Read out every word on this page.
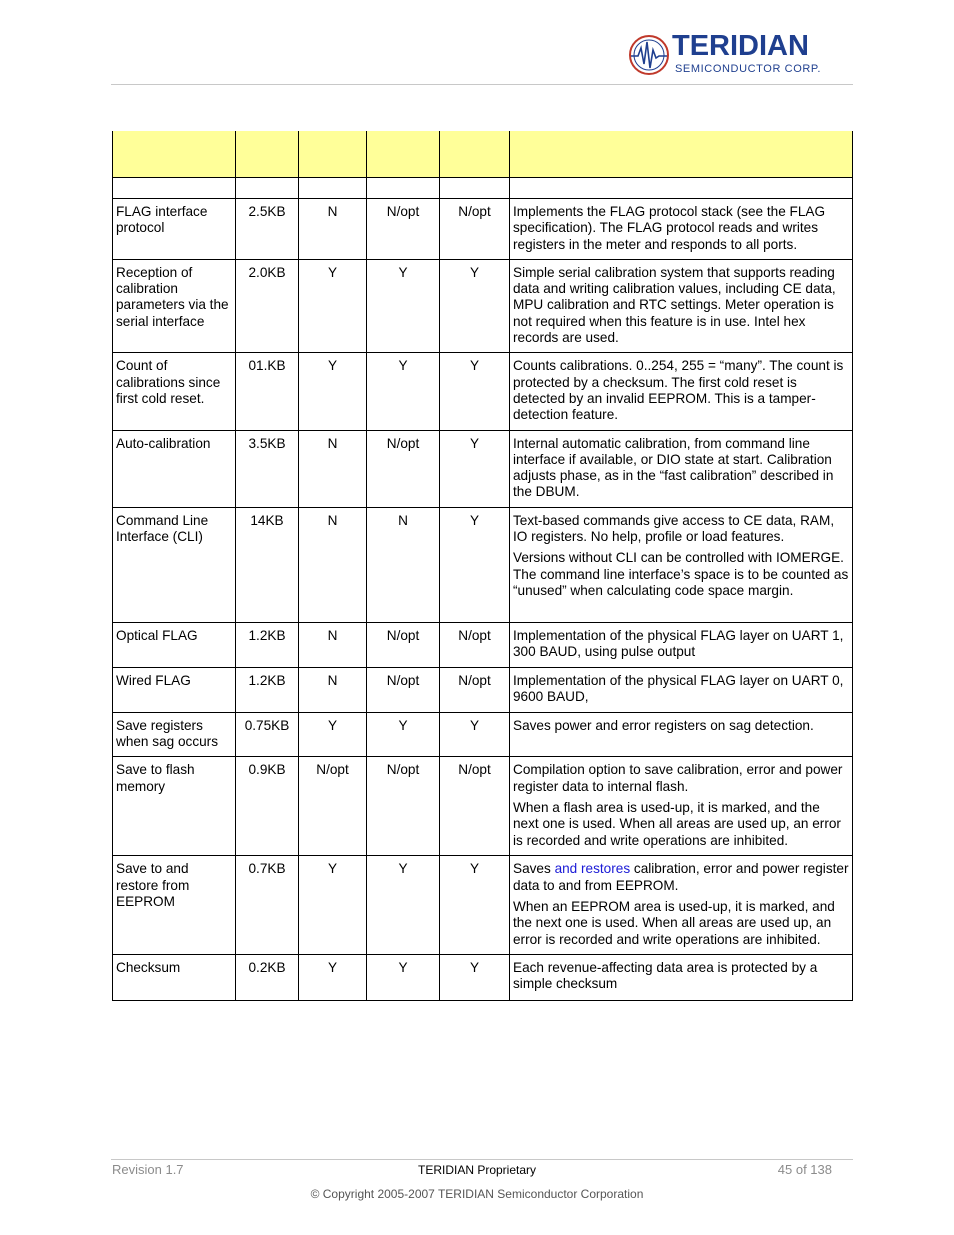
TERIDIAN
SEMICONDUCTOR CORP.

FLAG interface protocol	2.5KB	N	N/opt	N/opt	Implements the FLAG protocol stack (see the FLAG specification). The FLAG protocol reads and writes registers in the meter and responds to all ports.

Reception of calibration parameters via the serial interface	2.0KB	Y	Y	Y	Simple serial calibration system that supports reading data and writing calibration values, including CE data, MPU calibration and RTC settings. Meter operation is not required when this feature is in use. Intel hex records are used.

Count of calibrations since first cold reset.	01.KB	Y	Y	Y	Counts calibrations. 0..254, 255 = “many”. The count is protected by a checksum. The first cold reset is detected by an invalid EEPROM. This is a tamper-detection feature.

Auto-calibration	3.5KB	N	N/opt	Y	Internal automatic calibration, from command line interface if available, or DIO state at start. Calibration adjusts phase, as in the “fast calibration” described in the DBUM.

Command Line Interface (CLI)	14KB	N	N	Y	Text-based commands give access to CE data, RAM, IO registers. No help, profile or load features.

Versions without CLI can be controlled with IOMERGE. The command line interface’s space is to be counted as “unused” when calculating code space margin.

Optical FLAG	1.2KB	N	N/opt	N/opt	Implementation of the physical FLAG layer on UART 1, 300 BAUD, using pulse output

Wired FLAG	1.2KB	N	N/opt	N/opt	Implementation of the physical FLAG layer on UART 0, 9600 BAUD,

Save registers when sag occurs	0.75KB	Y	Y	Y	Saves power and error registers on sag detection.

Save to flash memory	0.9KB	N/opt	N/opt	N/opt	Compilation option to save calibration, error and power register data to internal flash.

When a flash area is used-up, it is marked, and the next one is used. When all areas are used up, an error is recorded and write operations are inhibited.

Save to and restore from EEPROM	0.7KB	Y	Y	Y	Saves and restores calibration, error and power register data to and from EEPROM.

When an EEPROM area is used-up, it is marked, and the next one is used. When all areas are used up, an error is recorded and write operations are inhibited.

Checksum	0.2KB	Y	Y	Y	Each revenue-affecting data area is protected by a simple checksum

Revision 1.7	TERIDIAN Proprietary	45 of 138
© Copyright 2005-2007 TERIDIAN Semiconductor Corporation
